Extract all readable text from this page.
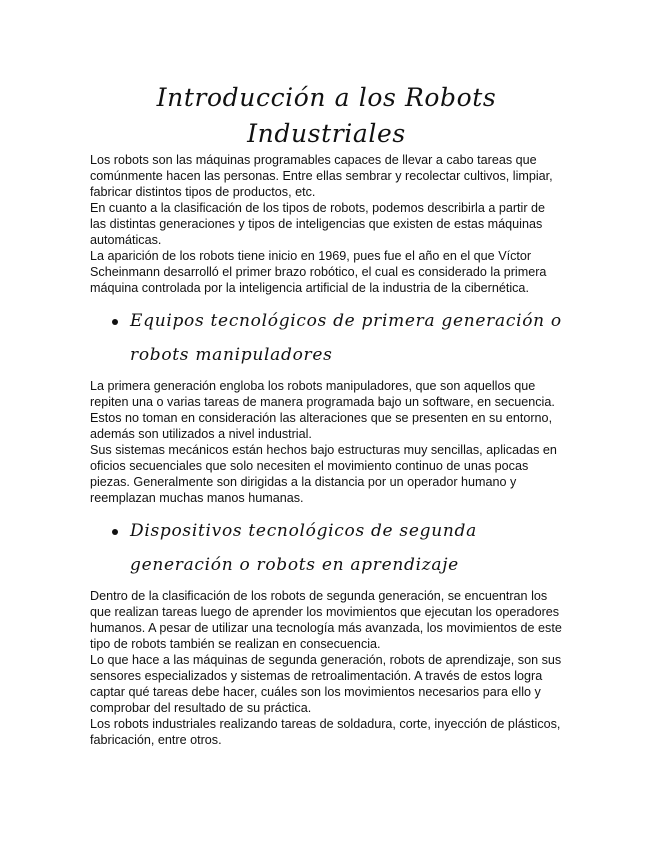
Introducción a los Robots Industriales

Los robots son las máquinas programables capaces de llevar a cabo tareas que comúnmente hacen las personas. Entre ellas sembrar y recolectar cultivos, limpiar, fabricar distintos tipos de productos, etc.

En cuanto a la clasificación de los tipos de robots, podemos describirla a partir de las distintas generaciones y tipos de inteligencias que existen de estas máquinas automáticas.

La aparición de los robots tiene inicio en 1969, pues fue el año en el que Víctor Scheinmann desarrolló el primer brazo robótico, el cual es considerado la primera máquina controlada por la inteligencia artificial de la industria de la cibernética.

Equipos tecnológicos de primera generación o robots manipuladores

La primera generación engloba los robots manipuladores, que son aquellos que repiten una o varias tareas de manera programada bajo un software, en secuencia. Estos no toman en consideración las alteraciones que se presenten en su entorno, además son utilizados a nivel industrial.

Sus sistemas mecánicos están hechos bajo estructuras muy sencillas, aplicadas en oficios secuenciales que solo necesiten el movimiento continuo de unas pocas piezas. Generalmente son dirigidas a la distancia por un operador humano y reemplazan muchas manos humanas.

Dispositivos tecnológicos de segunda generación o robots en aprendizaje

Dentro de la clasificación de los robots de segunda generación, se encuentran los que realizan tareas luego de aprender los movimientos que ejecutan los operadores humanos. A pesar de utilizar una tecnología más avanzada, los movimientos de este tipo de robots también se realizan en consecuencia.

Lo que hace a las máquinas de segunda generación, robots de aprendizaje, son sus sensores especializados y sistemas de retroalimentación. A través de estos logra captar qué tareas debe hacer, cuáles son los movimientos necesarios para ello y comprobar del resultado de su práctica.

Los robots industriales realizando tareas de soldadura, corte, inyección de plásticos, fabricación, entre otros.
